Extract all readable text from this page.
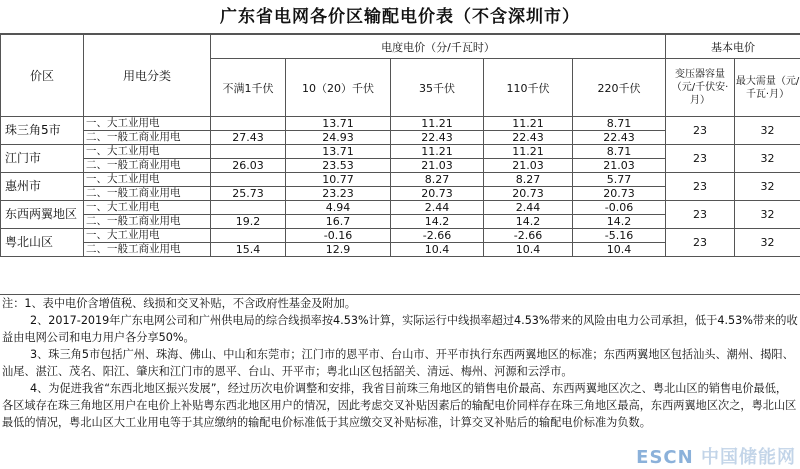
广东省电网各价区输配电价表（不含深圳市）
价区	用电分类	电度电价（分/千瓦时）					基本电价	
		不满1千伏	10（20）千伏	35千伏	110千伏	220千伏	变压器容量（元/千伏安·月）	最大需量（元/千瓦·月）
珠三角5市	一、大工业用电		13.71	11.21	11.21	8.71	23	32
	二、一般工商业用电	27.43	24.93	22.43	22.43	22.43		
江门市	一、大工业用电		13.71	11.21	11.21	8.71	23	32
	二、一般工商业用电	26.03	23.53	21.03	21.03	21.03		
惠州市	一、大工业用电		10.77	8.27	8.27	5.77	23	32
	二、一般工商业用电	25.73	23.23	20.73	20.73	20.73		
东西两翼地区	一、大工业用电		4.94	2.44	2.44	-0.06	23	32
	二、一般工商业用电	19.2	16.7	14.2	14.2	14.2		
粤北山区	一、大工业用电		-0.16	-2.66	-2.66	-5.16	23	32
	二、一般工商业用电	15.4	12.9	10.4	10.4	10.4		

注：1、表中电价含增值税、线损和交叉补贴，不含政府性基金及附加。

2、2017-2019年广东电网公司和广州供电局的综合线损率按4.53%计算，实际运行中线损率超过4.53%带来的风险由电力公司承担，低于4.53%带来的收益由电网公司和电力用户各分享50%。

3、珠三角5市包括广州、珠海、佛山、中山和东莞市；江门市的恩平市、台山市、开平市执行东西两翼地区的标准；东西两翼地区包括汕头、潮州、揭阳、汕尾、湛江、茂名、阳江、肇庆和江门市的恩平、台山、开平市；粤北山区包括韶关、清远、梅州、河源和云浮市。

4、为促进我省“东西北地区振兴发展”，经过历次电价调整和安排，我省目前珠三角地区的销售电价最高、东西两翼地区次之、粤北山区的销售电价最低，各区域存在珠三角地区用户在电价上补贴粤东西北地区用户的情况，因此考虑交叉补贴因素后的输配电价同样存在珠三角地区最高，东西两翼地区次之，粤北山区最低的情况，粤北山区大工业用电等于其应缴纳的输配电价标准低于其应缴交叉补贴标准，计算交叉补贴后的输配电价标准为负数。

ESCN 中国储能网
